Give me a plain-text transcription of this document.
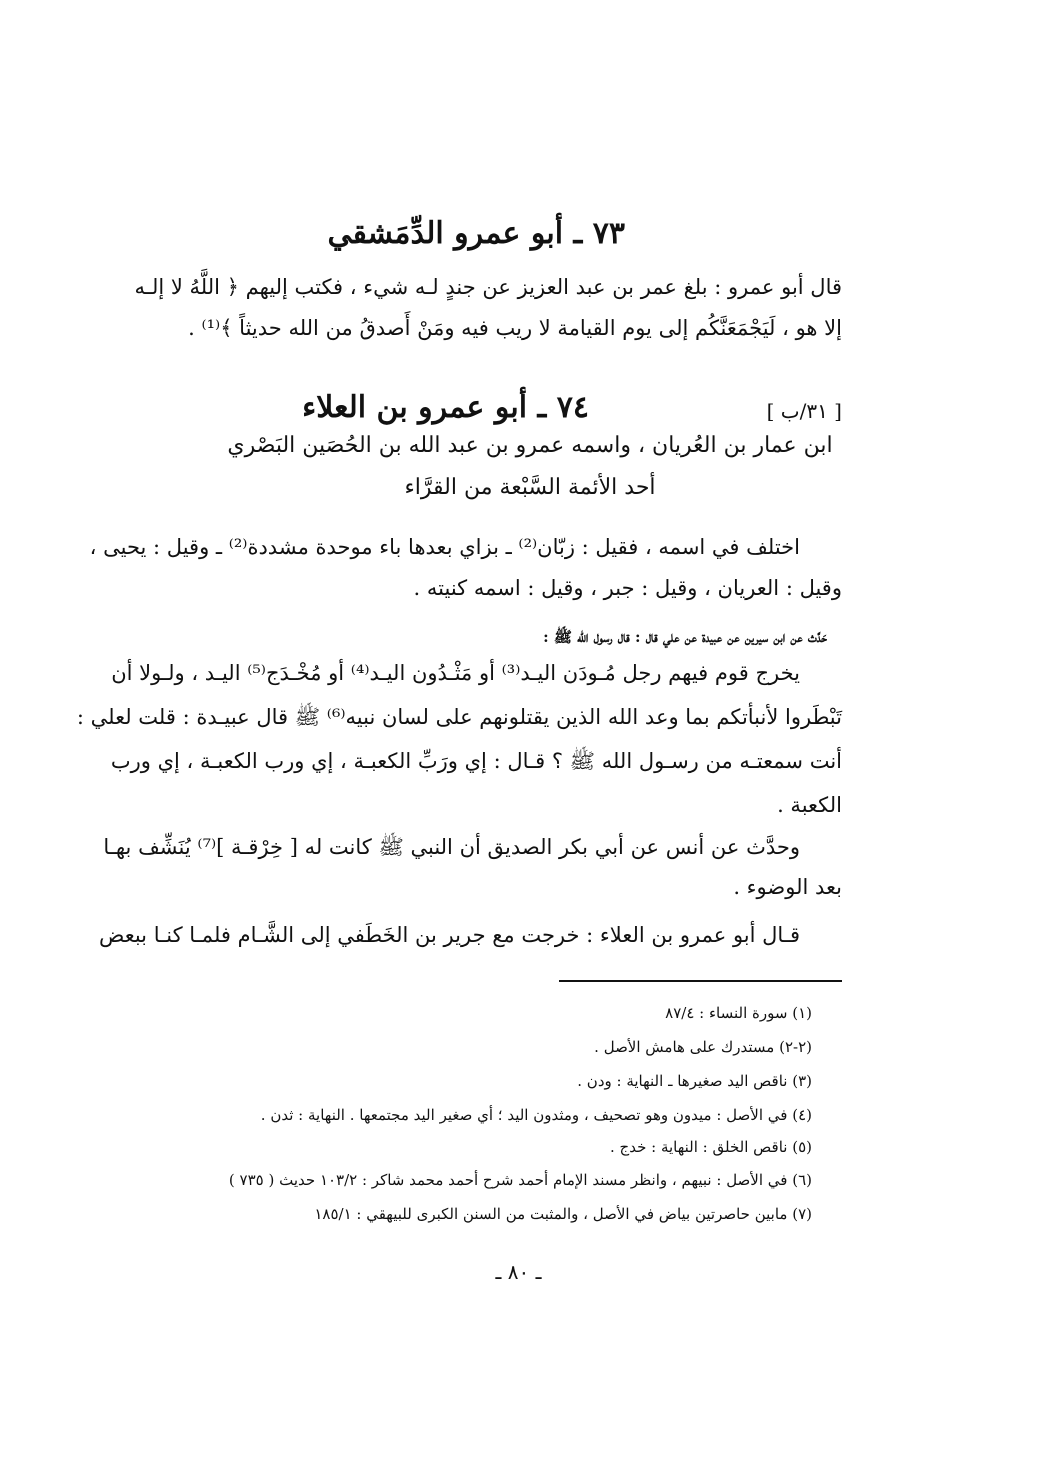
٧٣ ـ أبو عمرو الدِّمَشقي
قال أبو عمرو : بلغ عمر بن عبد العزيز عن جندٍ لـه شيء ، فكتب إليهم ﴿ اللَّهُ لا إلـه
إلا هو ، لَيَجْمَعَنَّكُم إلى يوم القيامة لا ريب فيه ومَنْ أَصدقُ من الله حديثاً ﴾⁽¹⁾ .
[ ٣١/ب ]
٧٤ ـ أبو عمرو بن العلاء
ابن عمار بن العُريان ، واسمه عمرو بن عبد الله بن الحُصَين البَصْري
أحد الأئمة السَّبْعة من القرَّاء
اختلف في اسمه ، فقيل : زبّان⁽²⁾ ـ بزاي بعدها باء موحدة مشددة⁽²⁾ ـ وقيل : يحيى ،
وقيل : العريان ، وقيل : جبر ، وقيل : اسمه كنيته .
حَدَّث عن ابن سيرين عن عبيدة عن علي قال : قال رسول الله ﷺ :
يخرج قوم فيهم رجل مُـودَن اليـد⁽³⁾ أو مَثْـدُون اليـد⁽⁴⁾ أو مُخْـدَج⁽⁵⁾ اليـد ، ولـولا أن
تَبْطَروا لأنبأتكم بما وعد الله الذين يقتلونهم على لسان نبيه⁽⁶⁾ ﷺ قال عبيـدة : قلت لعلي :
أنت سمعتـه من رسـول الله ﷺ ؟ قـال : إي ورَبِّ الكعبـة ، إي ورب الكعبـة ، إي ورب
الكعبة .
وحدَّث عن أنس عن أبي بكر الصديق أن النبي ﷺ كانت له [ خِرْقـة ]⁽⁷⁾ يُنَشِّف بهـا
بعد الوضوء .
قـال أبو عمرو بن العلاء : خرجت مع جرير بن الخَطَفي إلى الشَّـام فلمـا كنـا ببعض
(١) سورة النساء : ٨٧/٤
(٢-٢) مستدرك على هامش الأصل .
(٣) ناقص اليد صغيرها ـ النهاية : ودن .
(٤) في الأصل : ميدون وهو تصحيف ، ومثدون اليد ؛ أي صغير اليد مجتمعها . النهاية : ثدن .
(٥) ناقص الخلق : النهاية : خدج .
(٦) في الأصل : نبيهم ، وانظر مسند الإمام أحمد شرح أحمد محمد شاكر : ١٠٣/٢ حديث ( ٧٣٥ )
(٧) مابين حاصرتين بياض في الأصل ، والمثبت من السنن الكبرى للبيهقي : ١٨٥/١
ـ ٨٠ ـ
